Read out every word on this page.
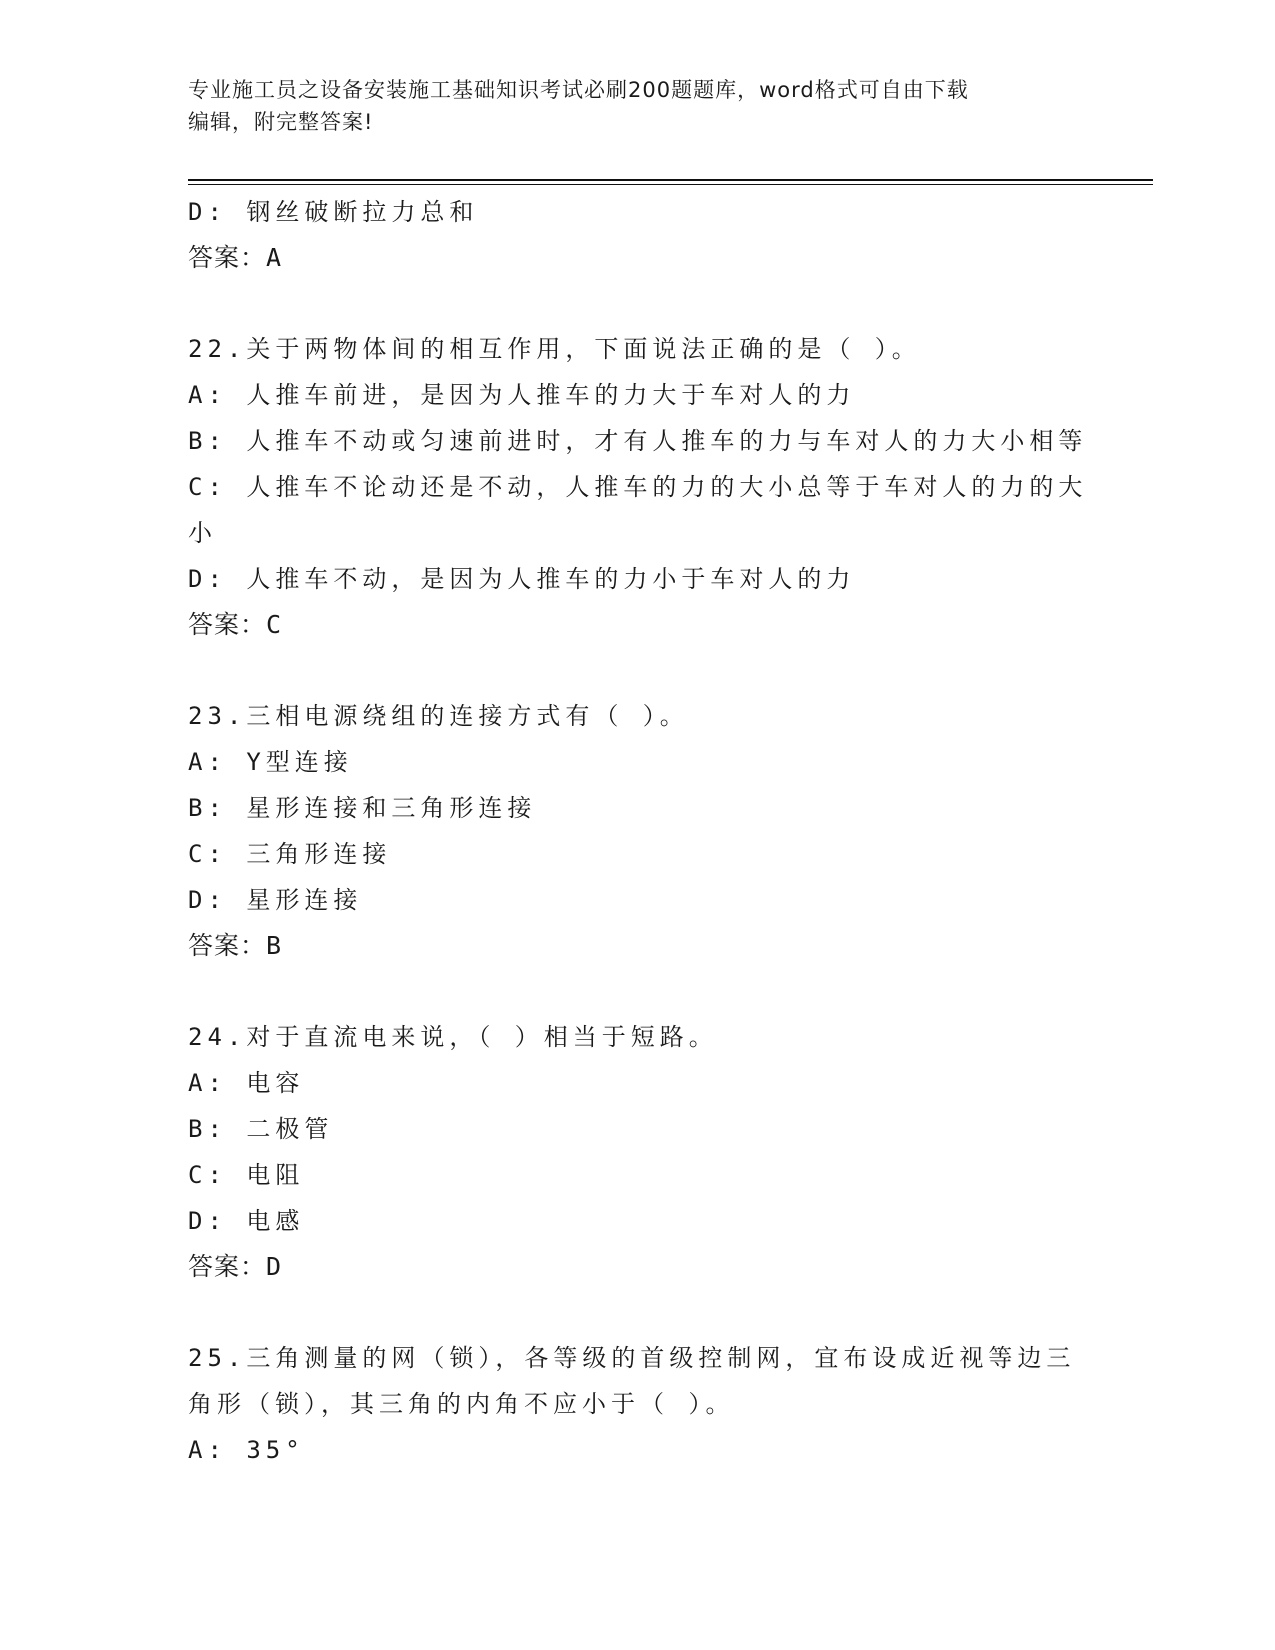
专业施工员之设备安装施工基础知识考试必刷200题题库，word格式可自由下载
编辑，附完整答案!
D: 钢丝破断拉力总和
答案：A
22.关于两物体间的相互作用，下面说法正确的是（ ）。
A: 人推车前进，是因为人推车的力大于车对人的力
B: 人推车不动或匀速前进时，才有人推车的力与车对人的力大小相等
C: 人推车不论动还是不动，人推车的力的大小总等于车对人的力的大
小
D: 人推车不动，是因为人推车的力小于车对人的力
答案：C
23.三相电源绕组的连接方式有（ ）。
A: Y型连接
B: 星形连接和三角形连接
C: 三角形连接
D: 星形连接
答案：B
24.对于直流电来说，（ ）相当于短路。
A: 电容
B: 二极管
C: 电阻
D: 电感
答案：D
25.三角测量的网（锁），各等级的首级控制网，宜布设成近视等边三
角形（锁），其三角的内角不应小于（ ）。
A: 35°
